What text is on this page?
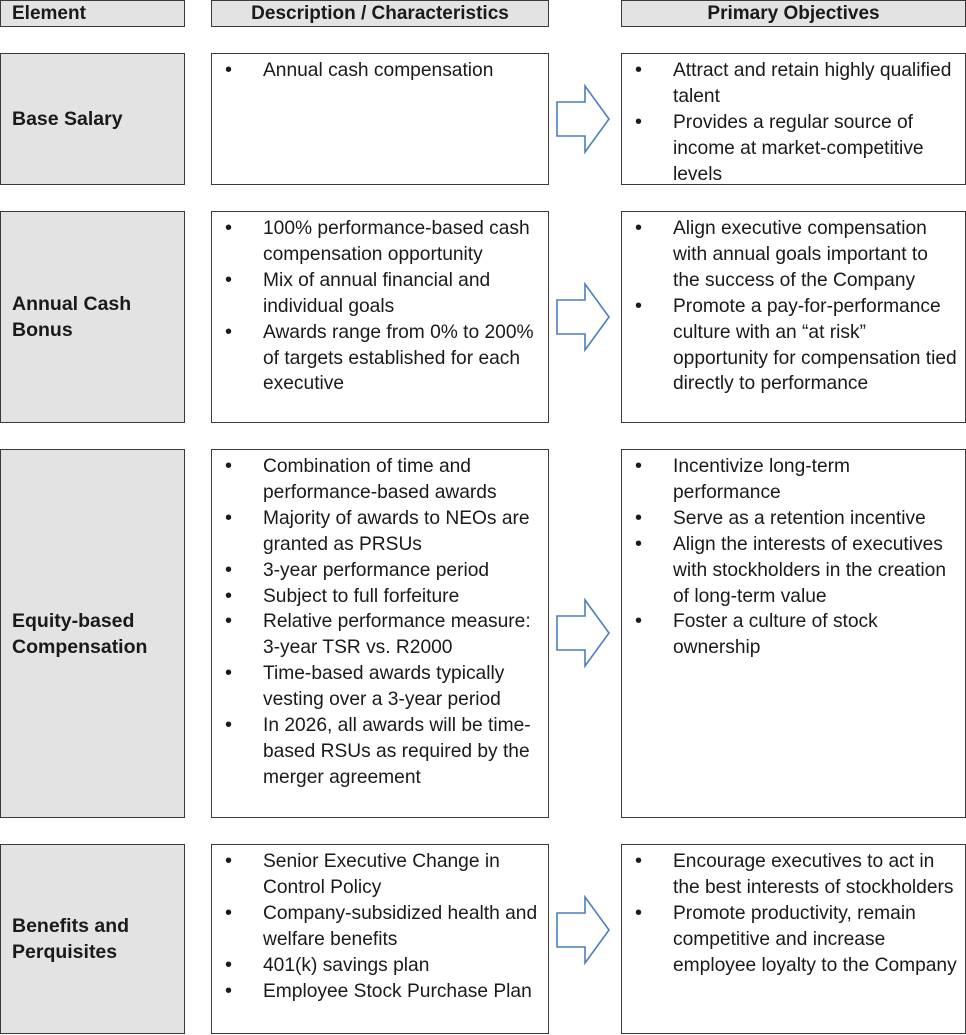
Element	Description / Characteristics	Primary Objectives
Base Salary
• Annual cash compensation
•	Attract and retain highly qualified talent
• Provides a regular source of income at market-competitive levels
Annual Cash
Bonus
• 100% performance-based cash compensation opportunity
• Mix of annual financial and individual goals
• Awards range from 0% to 200% of targets established for each executive
• Align executive compensation with annual goals important to the success of the Company
• Promote a pay-for-performance culture with an “at risk” opportunity for compensation tied directly to performance
Equity-based
Compensation
• Combination of time and performance-based awards
• Majority of awards to NEOs are granted as PRSUs
• 3-year performance period
• Subject to full forfeiture
• Relative performance measure: 3-year TSR vs. R2000
• Time-based awards typically vesting over a 3-year period
• In 2026, all awards will be time-based RSUs as required by the merger agreement
• Incentivize long-term performance
• Serve as a retention incentive
• Align the interests of executives with stockholders in the creation of long-term value
• Foster a culture of stock ownership
Benefits and
Perquisites
• Senior Executive Change in Control Policy
• Company-subsidized health and welfare benefits
• 401(k) savings plan
• Employee Stock Purchase Plan
• Encourage executives to act in the best interests of stockholders
• Promote productivity, remain competitive and increase employee loyalty to the Company
